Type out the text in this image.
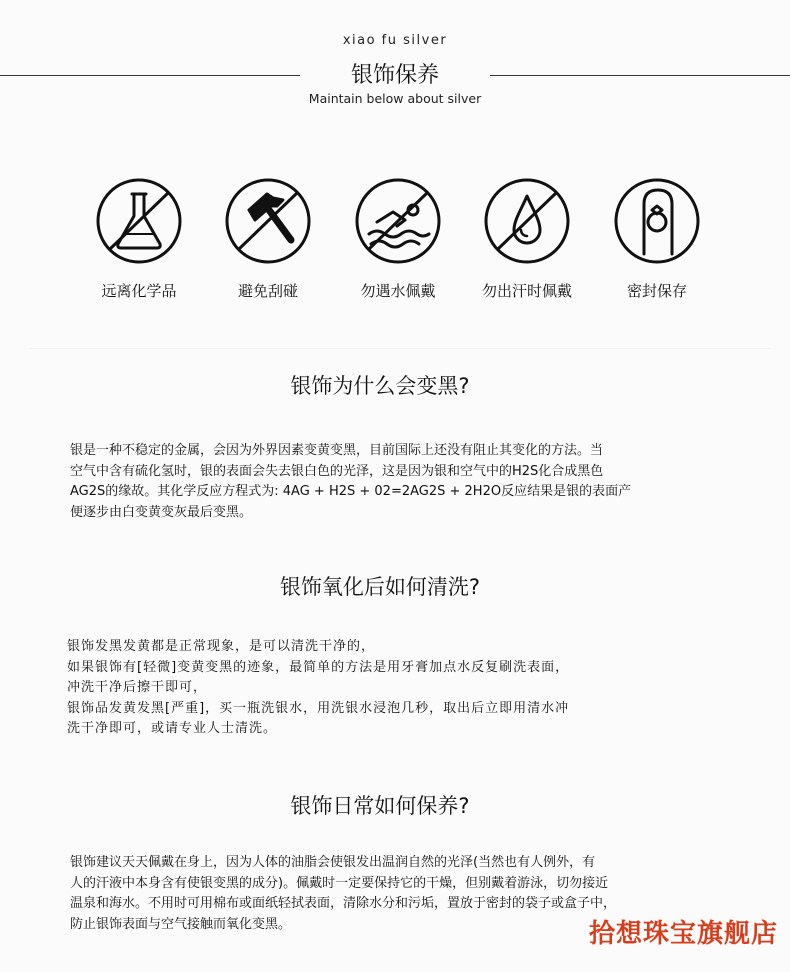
xiao fu silver
银饰保养
Maintain below about silver
远离化学品	避免刮碰	勿遇水佩戴	勿出汗时佩戴	密封保存
银饰为什么会变黑?
银是一种不稳定的金属，会因为外界因素变黄变黑，目前国际上还没有阻止其变化的方法。当
空气中含有硫化氢时，银的表面会失去银白色的光泽，这是因为银和空气中的H2S化合成黑色
AG2S的缘故。其化学反应方程式为: 4AG + H2S + 02=2AG2S + 2H2O反应结果是银的表面产
便逐步由白变黄变灰最后变黑。
银饰氧化后如何清洗?
银饰发黑发黄都是正常现象，是可以清洗干净的，
如果银饰有[轻微]变黄变黑的迹象，最简单的方法是用牙膏加点水反复刷洗表面，
冲洗干净后擦干即可，
银饰品发黄发黑[严重]，买一瓶洗银水，用洗银水浸泡几秒，取出后立即用清水冲
洗干净即可，或请专业人士清洗。
银饰日常如何保养?
银饰建议天天佩戴在身上，因为人体的油脂会使银发出温润自然的光泽(当然也有人例外，有
人的汗液中本身含有使银变黑的成分)。佩戴时一定要保持它的干燥，但别戴着游泳，切勿接近
温泉和海水。不用时可用棉布或面纸轻拭表面，清除水分和污垢，置放于密封的袋子或盒子中，
防止银饰表面与空气接触而氧化变黑。	拾想珠宝旗舰店
